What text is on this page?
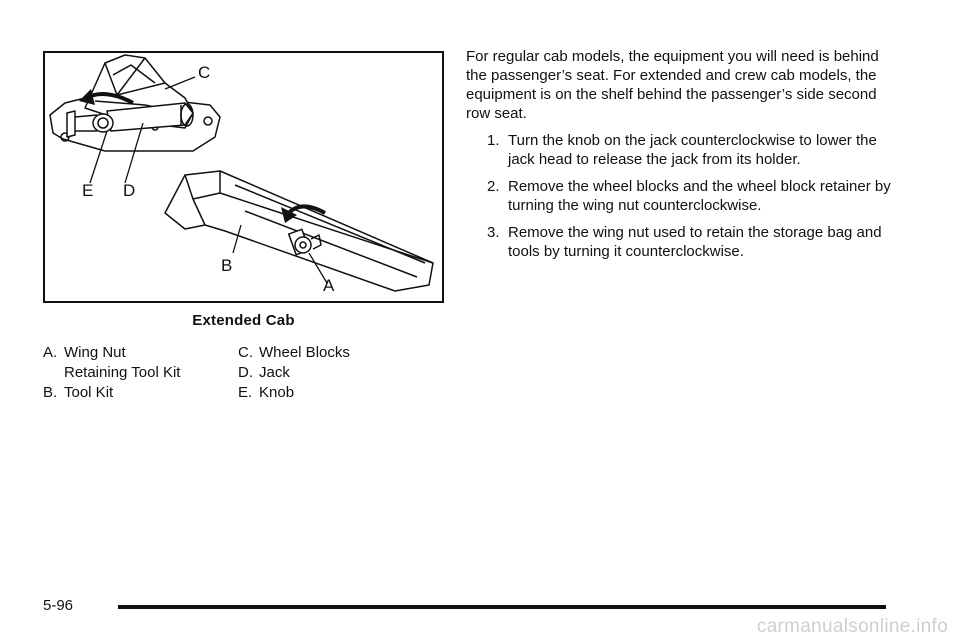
C
E D
B
A
Extended Cab
A. Wing Nut
Retaining Tool Kit
B. Tool Kit
C. Wheel Blocks
D. Jack
E. Knob

For regular cab models, the equipment you will need is behind the passenger’s seat. For extended and crew cab models, the equipment is on the shelf behind the passenger’s side second row seat.

1. Turn the knob on the jack counterclockwise to lower the jack head to release the jack from its holder.
2. Remove the wheel blocks and the wheel block retainer by turning the wing nut counterclockwise.
3. Remove the wing nut used to retain the storage bag and tools by turning it counterclockwise.
5-96
carmanualsonline.info
